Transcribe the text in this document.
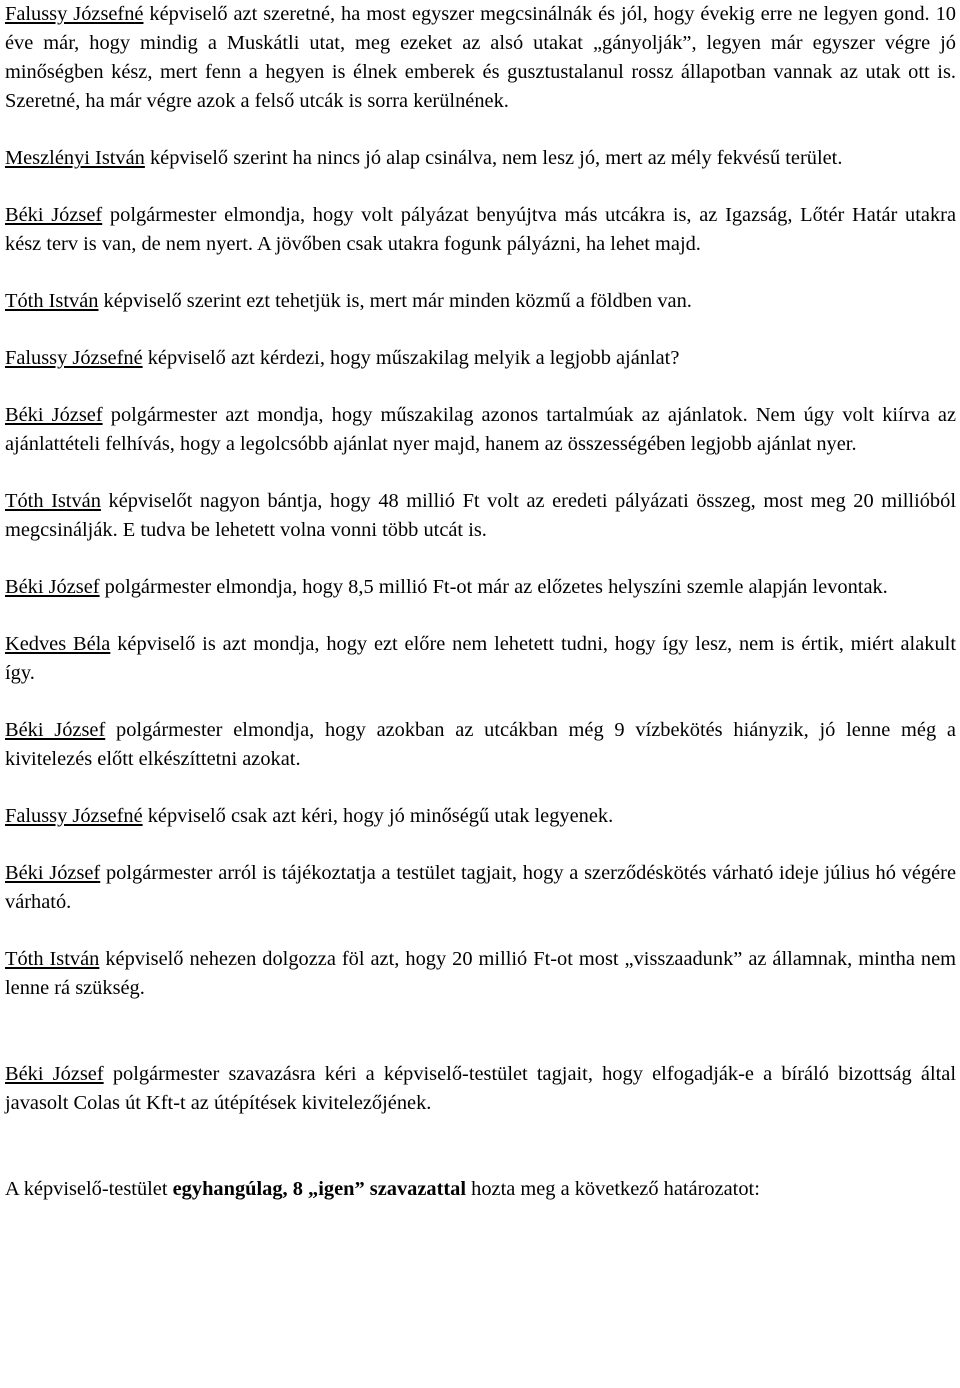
Falussy Józsefné képviselő azt szeretné, ha most egyszer megcsinálnák és jól, hogy évekig erre ne legyen gond. 10 éve már, hogy mindig a Muskátli utat, meg ezeket az alsó utakat „gányolják”, legyen már egyszer végre jó minőségben kész, mert fenn a hegyen is élnek emberek és gusztustalanul rossz állapotban vannak az utak ott is. Szeretné, ha már végre azok a felső utcák is sorra kerülnének.

Meszlényi István képviselő szerint ha nincs jó alap csinálva, nem lesz jó, mert az mély fekvésű terület.

Béki József polgármester elmondja, hogy volt pályázat benyújtva más utcákra is, az Igazság, Lőtér Határ utakra kész terv is van, de nem nyert. A jövőben csak utakra fogunk pályázni, ha lehet majd.

Tóth István képviselő szerint ezt tehetjük is, mert már minden közmű a földben van.

Falussy Józsefné képviselő azt kérdezi, hogy műszakilag melyik a legjobb ajánlat?

Béki József polgármester azt mondja, hogy műszakilag azonos tartalmúak az ajánlatok. Nem úgy volt kiírva az ajánlattételi felhívás, hogy a legolcsóbb ajánlat nyer majd, hanem az összességében legjobb ajánlat nyer.

Tóth István képviselőt nagyon bántja, hogy 48 millió Ft volt az eredeti pályázati összeg, most meg 20 millióból megcsinálják. E tudva be lehetett volna vonni több utcát is.

Béki József polgármester elmondja, hogy 8,5 millió Ft-ot már az előzetes helyszíni szemle alapján levontak.

Kedves Béla képviselő is azt mondja, hogy ezt előre nem lehetett tudni, hogy így lesz, nem is értik, miért alakult így.

Béki József polgármester elmondja, hogy azokban az utcákban még 9 vízbekötés hiányzik, jó lenne még a kivitelezés előtt elkészíttetni azokat.

Falussy Józsefné képviselő csak azt kéri, hogy jó minőségű utak legyenek.

Béki József polgármester arról is tájékoztatja a testület tagjait, hogy a szerződéskötés várható ideje július hó végére várható.

Tóth István képviselő nehezen dolgozza föl azt, hogy 20 millió Ft-ot most „visszaadunk” az államnak, mintha nem lenne rá szükség.

Béki József polgármester szavazásra kéri a képviselő-testület tagjait, hogy elfogadják-e a bíráló bizottság által javasolt Colas út Kft-t az útépítések kivitelezőjének.

A képviselő-testület egyhangúlag, 8 „igen” szavazattal hozta meg a következő határozatot:
